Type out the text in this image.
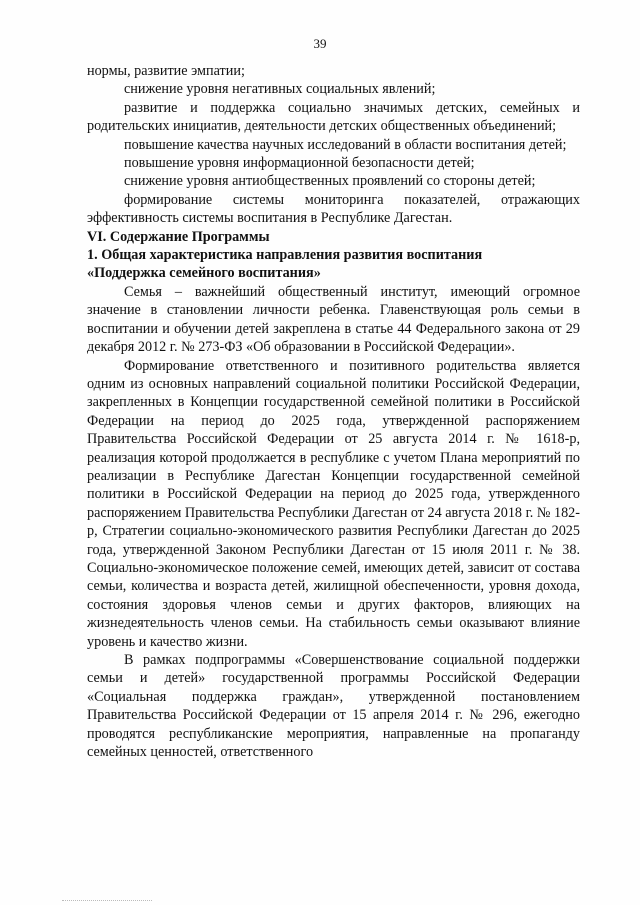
39

нормы, развитие эмпатии;

снижение уровня негативных социальных явлений;

развитие и поддержка социально значимых детских, семейных и родительских инициатив, деятельности детских общественных объединений;

повышение качества научных исследований в области воспитания детей;

повышение уровня информационной безопасности детей;

снижение уровня антиобщественных проявлений со стороны детей;

формирование системы мониторинга показателей, отражающих эффективность системы воспитания в Республике Дагестан.

VI. Содержание Программы

1. Общая характеристика направления развития воспитания
«Поддержка семейного воспитания»

Семья – важнейший общественный институт, имеющий огромное значение в становлении личности ребенка. Главенствующая роль семьи в воспитании и обучении детей закреплена в статье 44 Федерального закона от 29 декабря 2012 г. № 273-ФЗ «Об образовании в Российской Федерации».

Формирование ответственного и позитивного родительства является одним из основных направлений социальной политики Российской Федерации, закрепленных в Концепции государственной семейной политики в Российской Федерации на период до 2025 года, утвержденной распоряжением Правительства Российской Федерации от 25 августа 2014 г. № 1618-р, реализация которой продолжается в республике с учетом Плана мероприятий по реализации в Республике Дагестан Концепции государственной семейной политики в Российской Федерации на период до 2025 года, утвержденного распоряжением Правительства Республики Дагестан от 24 августа 2018 г. № 182-р, Стратегии социально-экономического развития Республики Дагестан до 2025 года, утвержденной Законом Республики Дагестан от 15 июля 2011 г. № 38. Социально-экономическое положение семей, имеющих детей, зависит от состава семьи, количества и возраста детей, жилищной обеспеченности, уровня дохода, состояния здоровья членов семьи и других факторов, влияющих на жизнедеятельность членов семьи. На стабильность семьи оказывают влияние уровень и качество жизни.

В рамках подпрограммы «Совершенствование социальной поддержки семьи и детей» государственной программы Российской Федерации «Социальная поддержка граждан», утвержденной постановлением Правительства Российской Федерации от 15 апреля 2014 г. № 296, ежегодно проводятся республиканские мероприятия, направленные на пропаганду семейных ценностей, ответственного
